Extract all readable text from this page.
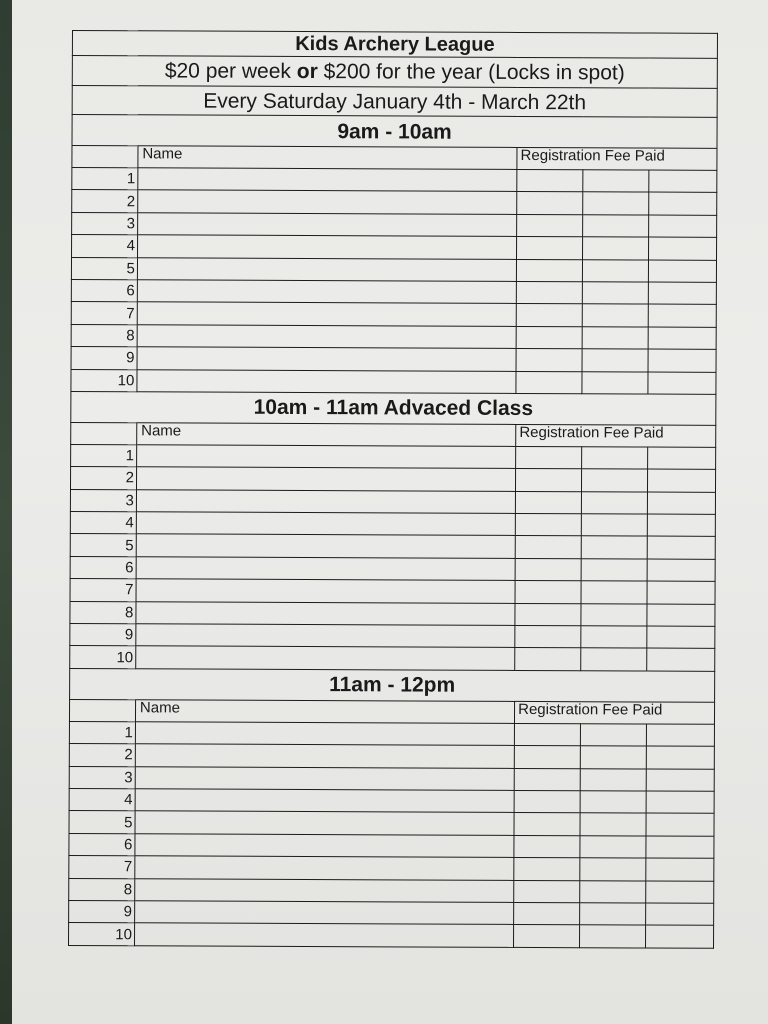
Kids Archery League				
$20 per week or $200 for the year (Locks in spot)				
Every Saturday January 4th - March 22th				
9am - 10am				
	Name	Registration Fee Paid		
1				
2				
3				
4				
5				
6				
7				
8				
9				
10				
10am - 11am Advaced Class				
	Name	Registration Fee Paid		
1				
2				
3				
4				
5				
6				
7				
8				
9				
10				
11am - 12pm				
	Name	Registration Fee Paid		
1				
2				
3				
4				
5				
6				
7				
8				
9				
10				
